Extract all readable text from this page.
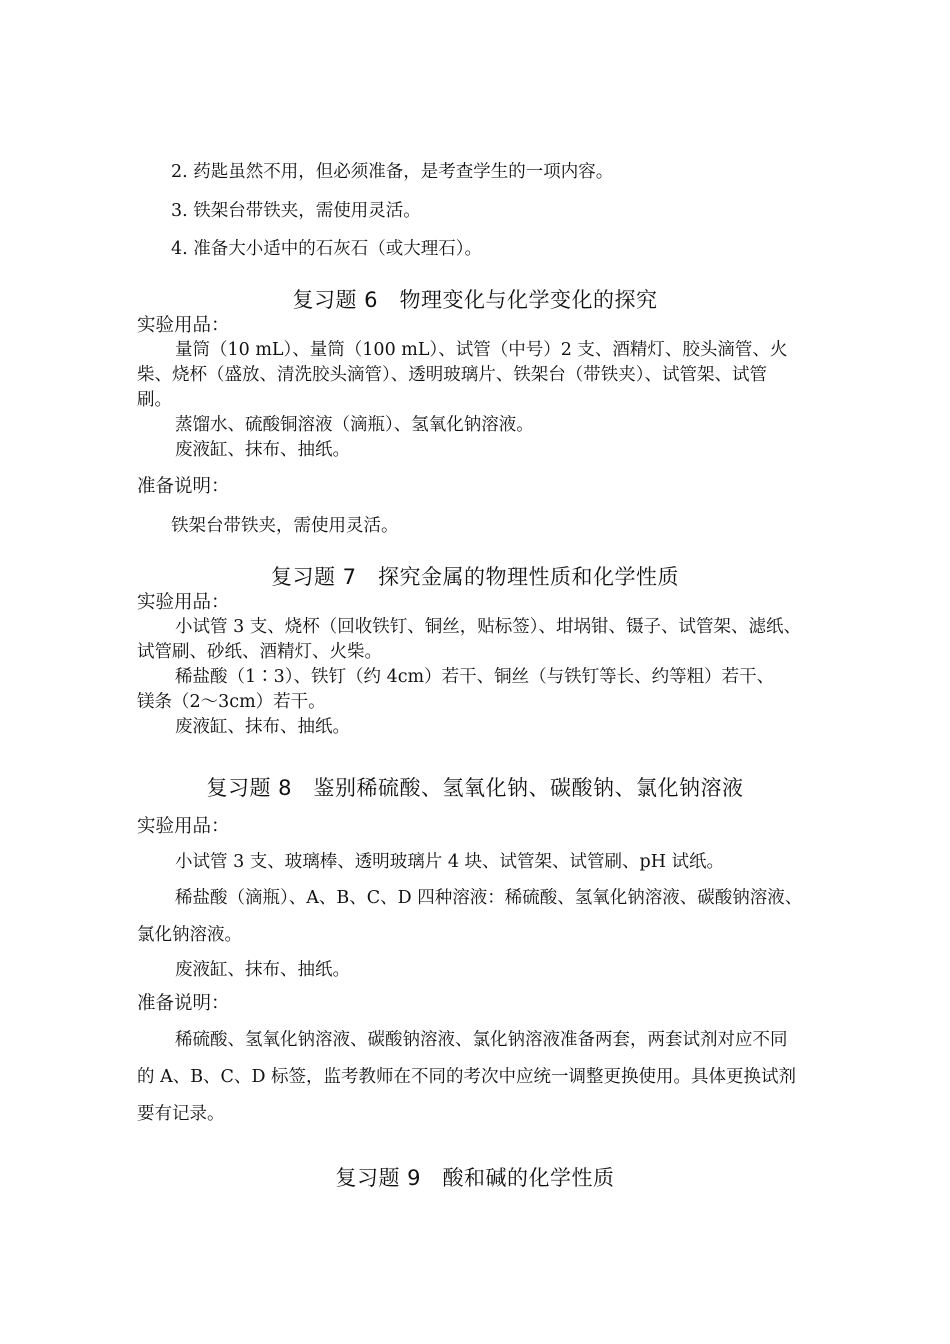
2. 药匙虽然不用，但必须准备，是考查学生的一项内容。
3. 铁架台带铁夹，需使用灵活。
4. 准备大小适中的石灰石（或大理石）。
复习题 6　物理变化与化学变化的探究
实验用品：
量筒（10 mL）、量筒（100 mL）、试管（中号）2 支、酒精灯、胶头滴管、火
柴、烧杯（盛放、清洗胶头滴管）、透明玻璃片、铁架台（带铁夹）、试管架、试管
刷。
蒸馏水、硫酸铜溶液（滴瓶）、氢氧化钠溶液。
废液缸、抹布、抽纸。
准备说明：
铁架台带铁夹，需使用灵活。
复习题 7　探究金属的物理性质和化学性质
实验用品：
小试管 3 支、烧杯（回收铁钉、铜丝，贴标签）、坩埚钳、镊子、试管架、滤纸、
试管刷、砂纸、酒精灯、火柴。
稀盐酸（1∶3）、铁钉（约 4cm）若干、铜丝（与铁钉等长、约等粗）若干、
镁条（2～3cm）若干。
废液缸、抹布、抽纸。
复习题 8　鉴别稀硫酸、氢氧化钠、碳酸钠、氯化钠溶液
实验用品：
小试管 3 支、玻璃棒、透明玻璃片 4 块、试管架、试管刷、pH 试纸。
稀盐酸（滴瓶）、A、B、C、D 四种溶液：稀硫酸、氢氧化钠溶液、碳酸钠溶液、
氯化钠溶液。
废液缸、抹布、抽纸。
准备说明：
稀硫酸、氢氧化钠溶液、碳酸钠溶液、氯化钠溶液准备两套，两套试剂对应不同
的 A、B、C、D 标签，监考教师在不同的考次中应统一调整更换使用。具体更换试剂
要有记录。
复习题 9　酸和碱的化学性质
